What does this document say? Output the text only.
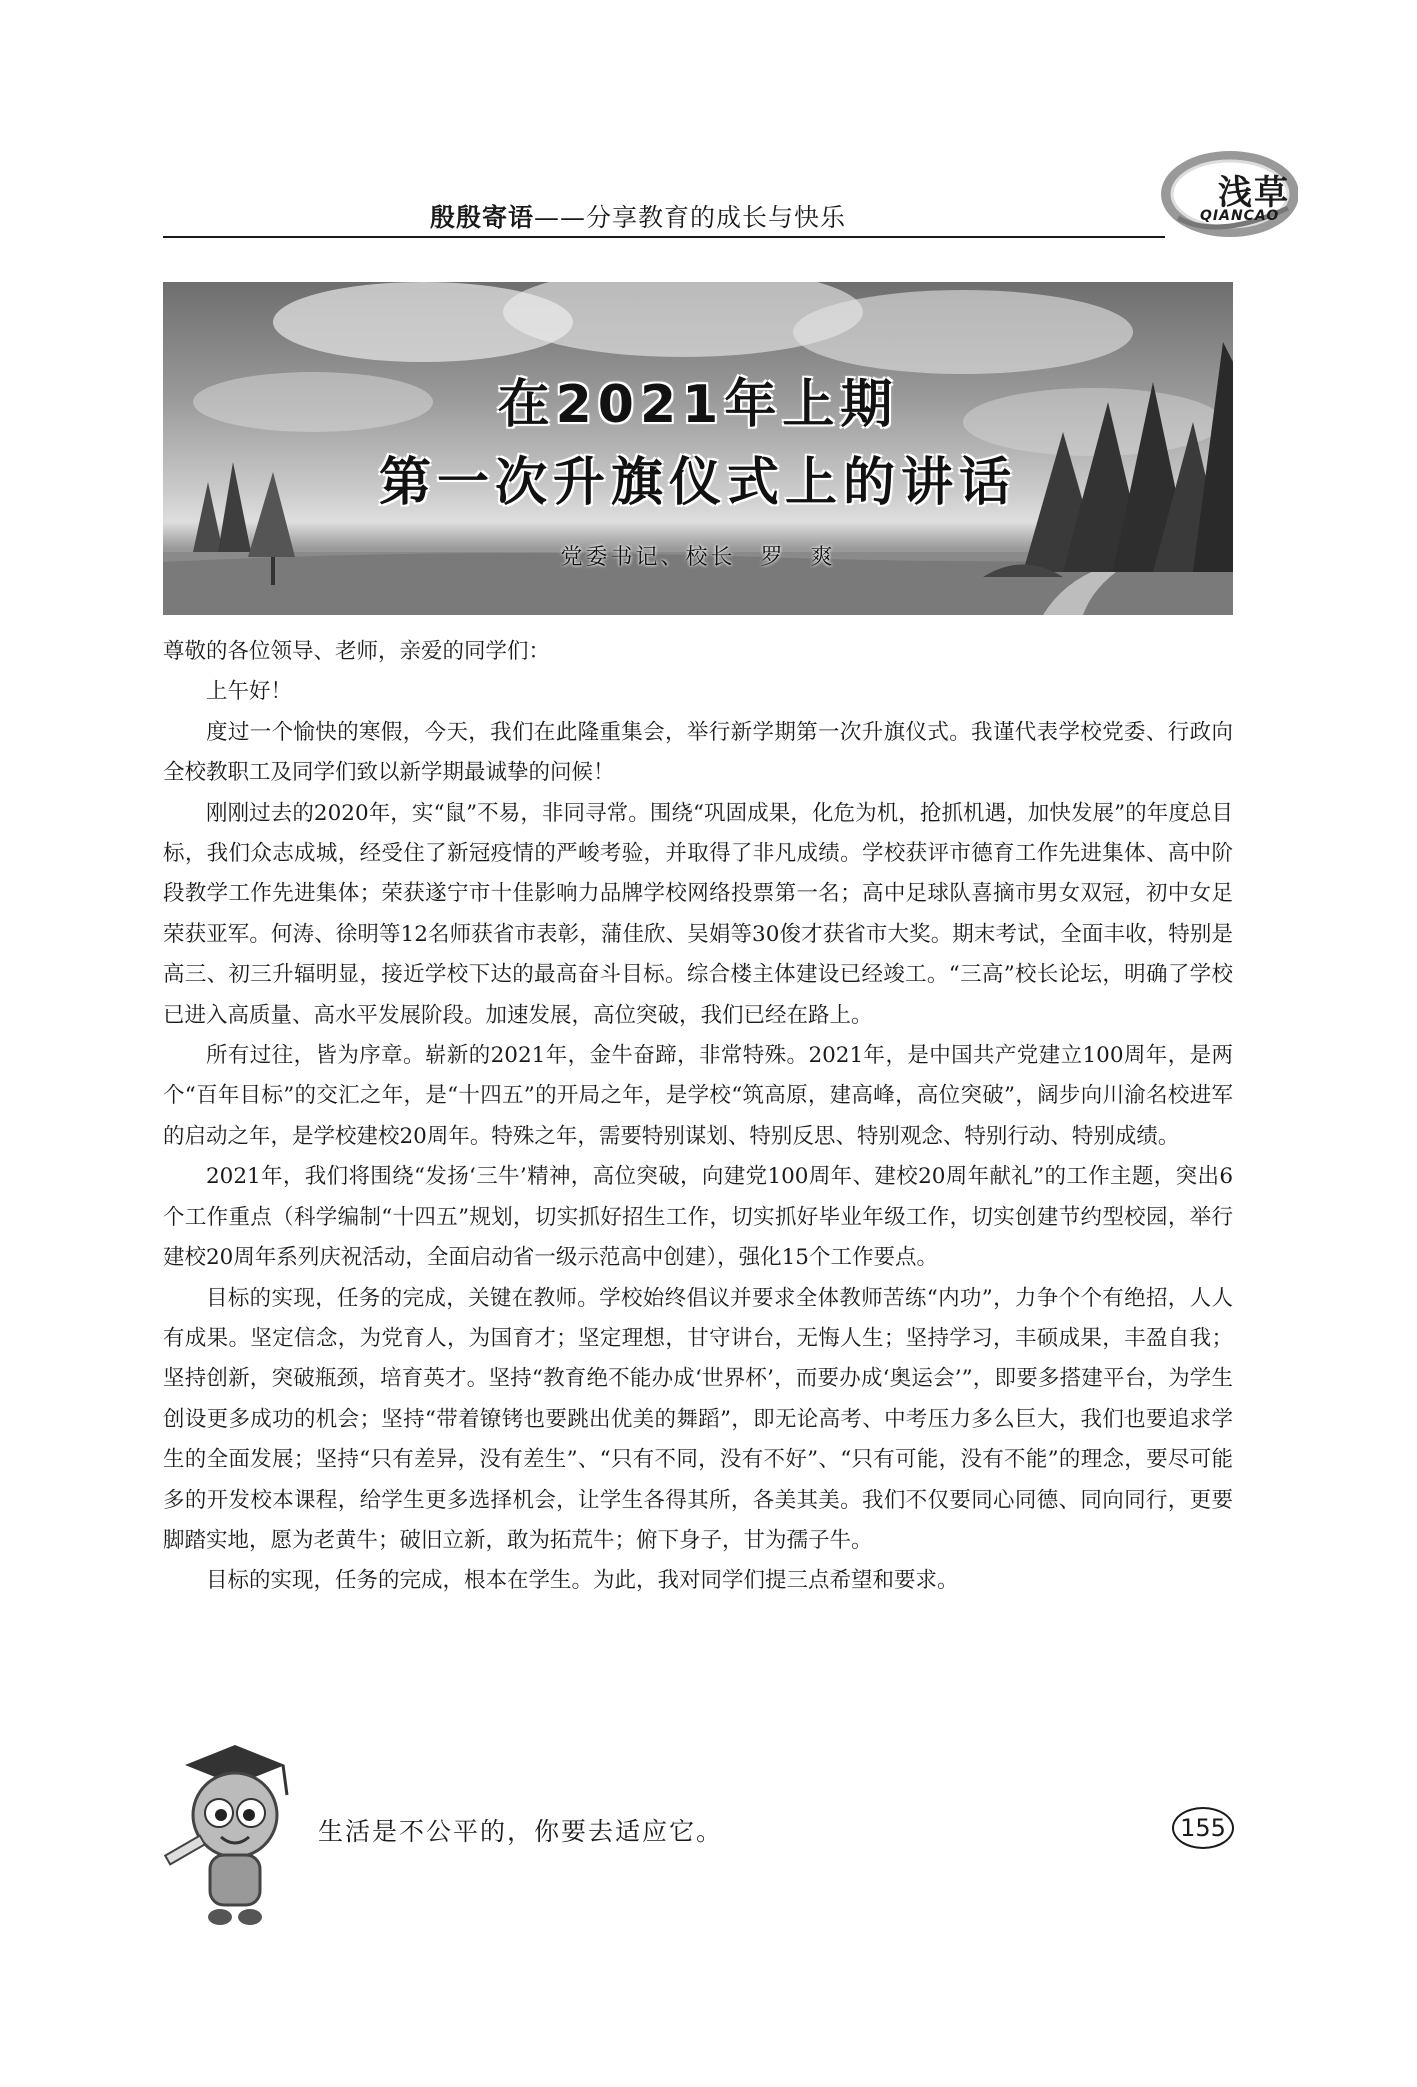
殷殷寄语——分享教育的成长与快乐
浅草
QIANCAO
在2021年上期
第一次升旗仪式上的讲话
党委书记、校长　罗　爽

尊敬的各位领导、老师，亲爱的同学们：

上午好！

度过一个愉快的寒假，今天，我们在此隆重集会，举行新学期第一次升旗仪式。我谨代表学校党委、行政向全校教职工及同学们致以新学期最诚挚的问候！

刚刚过去的2020年，实“鼠”不易，非同寻常。围绕“巩固成果，化危为机，抢抓机遇，加快发展”的年度总目标，我们众志成城，经受住了新冠疫情的严峻考验，并取得了非凡成绩。学校获评市德育工作先进集体、高中阶段教学工作先进集体；荣获遂宁市十佳影响力品牌学校网络投票第一名；高中足球队喜摘市男女双冠，初中女足荣获亚军。何涛、徐明等12名师获省市表彰，蒲佳欣、吴娟等30俊才获省市大奖。期末考试，全面丰收，特别是高三、初三升辐明显，接近学校下达的最高奋斗目标。综合楼主体建设已经竣工。“三高”校长论坛，明确了学校已进入高质量、高水平发展阶段。加速发展，高位突破，我们已经在路上。

所有过往，皆为序章。崭新的2021年，金牛奋蹄，非常特殊。2021年，是中国共产党建立100周年，是两个“百年目标”的交汇之年，是“十四五”的开局之年，是学校“筑高原，建高峰，高位突破”，阔步向川渝名校进军的启动之年，是学校建校20周年。特殊之年，需要特别谋划、特别反思、特别观念、特别行动、特别成绩。

2021年，我们将围绕“发扬‘三牛’精神，高位突破，向建党100周年、建校20周年献礼”的工作主题，突出6个工作重点（科学编制“十四五”规划，切实抓好招生工作，切实抓好毕业年级工作，切实创建节约型校园，举行建校20周年系列庆祝活动，全面启动省一级示范高中创建），强化15个工作要点。

目标的实现，任务的完成，关键在教师。学校始终倡议并要求全体教师苦练“内功”，力争个个有绝招，人人有成果。坚定信念，为党育人，为国育才；坚定理想，甘守讲台，无悔人生；坚持学习，丰硕成果，丰盈自我；坚持创新，突破瓶颈，培育英才。坚持“教育绝不能办成‘世界杯’，而要办成‘奥运会’”，即要多搭建平台，为学生创设更多成功的机会；坚持“带着镣铐也要跳出优美的舞蹈”，即无论高考、中考压力多么巨大，我们也要追求学生的全面发展；坚持“只有差异，没有差生”、“只有不同，没有不好”、“只有可能，没有不能”的理念，要尽可能多的开发校本课程，给学生更多选择机会，让学生各得其所，各美其美。我们不仅要同心同德、同向同行，更要脚踏实地，愿为老黄牛；破旧立新，敢为拓荒牛；俯下身子，甘为孺子牛。

目标的实现，任务的完成，根本在学生。为此，我对同学们提三点希望和要求。

生活是不公平的，你要去适应它。	155
